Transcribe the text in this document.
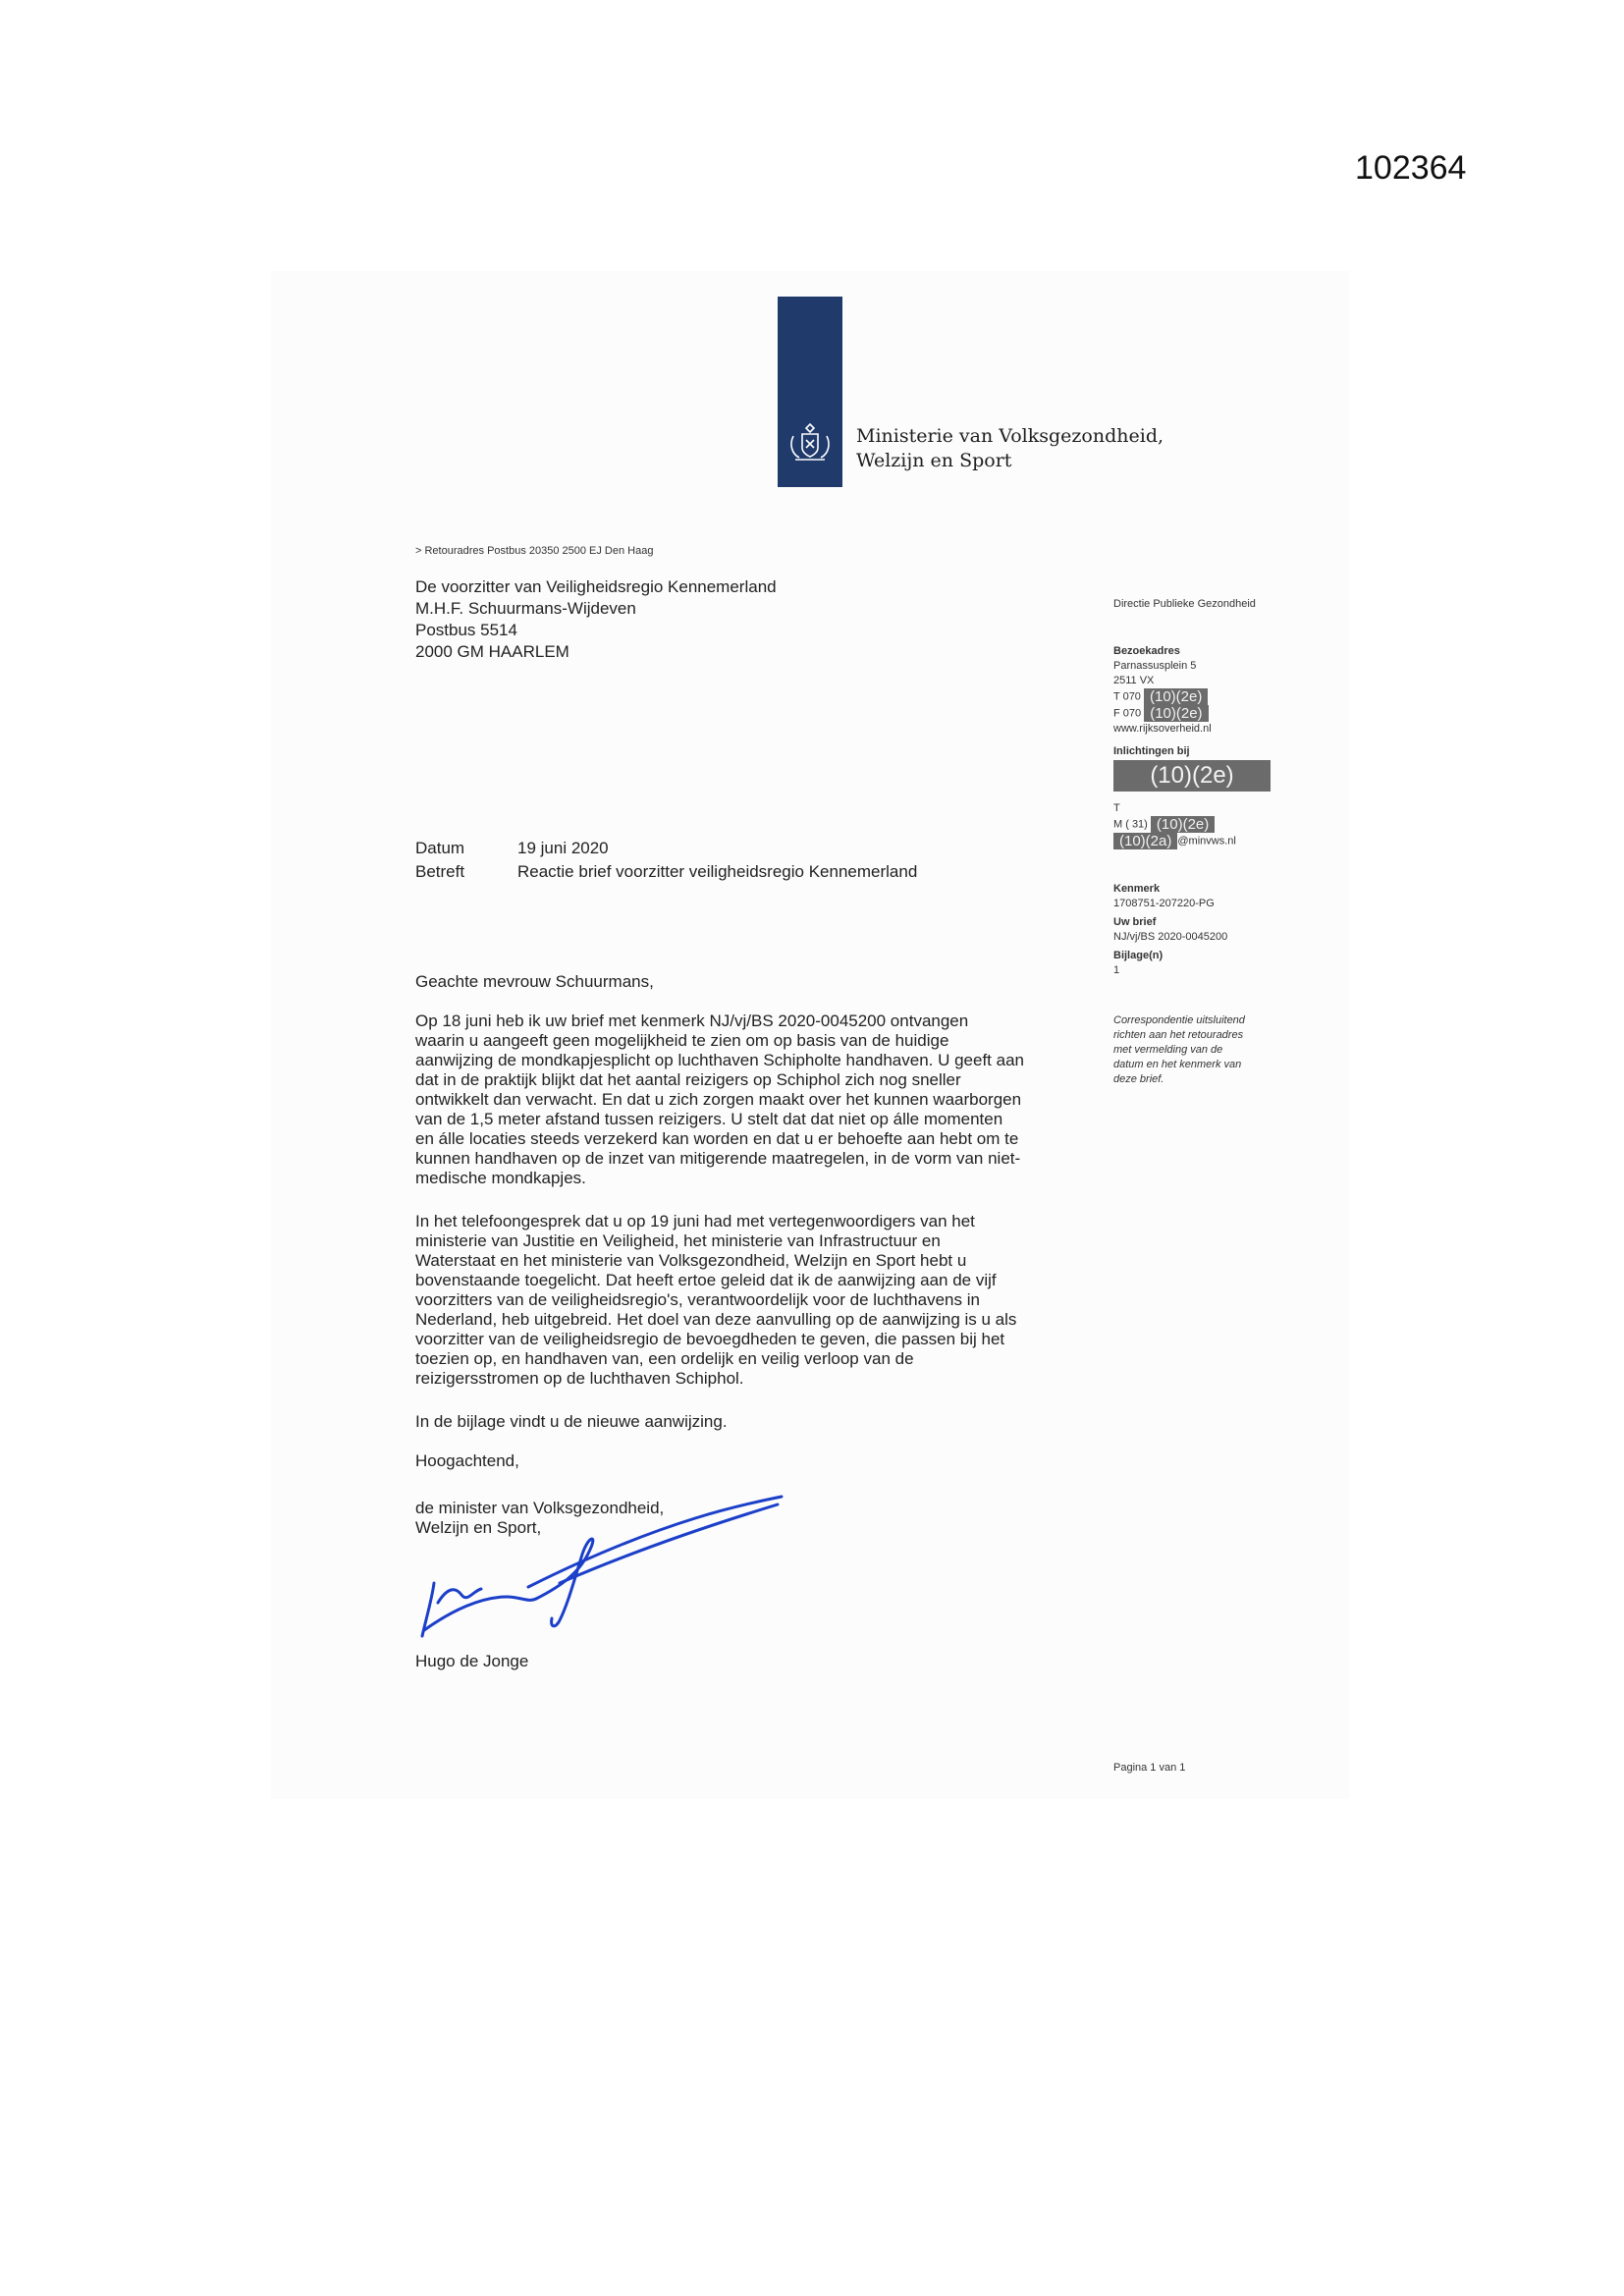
102364
Ministerie van Volksgezondheid,
Welzijn en Sport
> Retouradres Postbus 20350 2500 EJ Den Haag
De voorzitter van Veiligheidsregio Kennemerland
M.H.F. Schuurmans-Wijdeven
Postbus 5514
2000 GM HAARLEM
Directie Publieke Gezondheid
Bezoekadres
Parnassusplein 5
2511 VX
T 070 (10)(2e)
F 070 (10)(2e)
www.rijksoverheid.nl
Inlichtingen bij
(10)(2e)
T
M ( 31) (10)(2e)
(10)(2a) @minvws.nl
Kenmerk
1708751-207220-PG
Uw brief
NJ/vj/BS 2020-0045200
Bijlage(n)
1
Correspondentie uitsluitend
richten aan het retouradres
met vermelding van de
datum en het kenmerk van
deze brief.
Pagina 1 van 1
Datum	19 juni 2020
Betreft	Reactie brief voorzitter veiligheidsregio Kennemerland

Geachte mevrouw Schuurmans,

Op 18 juni heb ik uw brief met kenmerk NJ/vj/BS 2020-0045200 ontvangen
waarin u aangeeft geen mogelijkheid te zien om op basis van de huidige
aanwijzing de mondkapjesplicht op luchthaven Schipholte handhaven. U geeft aan
dat in de praktijk blijkt dat het aantal reizigers op Schiphol zich nog sneller
ontwikkelt dan verwacht. En dat u zich zorgen maakt over het kunnen waarborgen
van de 1,5 meter afstand tussen reizigers. U stelt dat dat niet op álle momenten
en álle locaties steeds verzekerd kan worden en dat u er behoefte aan hebt om te
kunnen handhaven op de inzet van mitigerende maatregelen, in de vorm van niet-
medische mondkapjes.

In het telefoongesprek dat u op 19 juni had met vertegenwoordigers van het
ministerie van Justitie en Veiligheid, het ministerie van Infrastructuur en
Waterstaat en het ministerie van Volksgezondheid, Welzijn en Sport hebt u
bovenstaande toegelicht. Dat heeft ertoe geleid dat ik de aanwijzing aan de vijf
voorzitters van de veiligheidsregio's, verantwoordelijk voor de luchthavens in
Nederland, heb uitgebreid. Het doel van deze aanvulling op de aanwijzing is u als
voorzitter van de veiligheidsregio de bevoegdheden te geven, die passen bij het
toezien op, en handhaven van, een ordelijk en veilig verloop van de
reizigersstromen op de luchthaven Schiphol.

In de bijlage vindt u de nieuwe aanwijzing.

Hoogachtend,

de minister van Volksgezondheid,
Welzijn en Sport,
Hugo de Jonge
